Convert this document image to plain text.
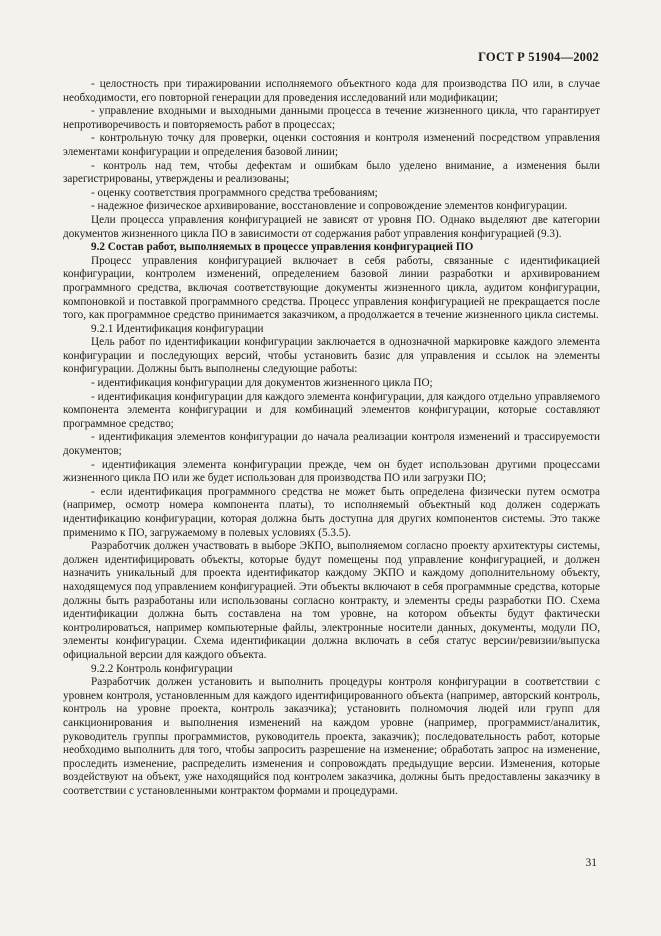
ГОСТ Р 51904—2002

- целостность при тиражировании исполняемого объектного кода для производства ПО или, в случае необходимости, его повторной генерации для проведения исследований или модификации;

- управление входными и выходными данными процесса в течение жизненного цикла, что гарантирует непротиворечивость и повторяемость работ в процессах;

- контрольную точку для проверки, оценки состояния и контроля изменений посредством управления элементами конфигурации и определения базовой линии;

- контроль над тем, чтобы дефектам и ошибкам было уделено внимание, а изменения были зарегистрированы, утверждены и реализованы;

- оценку соответствия программного средства требованиям;

- надежное физическое архивирование, восстановление и сопровождение элементов конфигурации.

Цели процесса управления конфигурацией не зависят от уровня ПО. Однако выделяют две категории документов жизненного цикла ПО в зависимости от содержания работ управления конфигурацией (9.3).

9.2 Состав работ, выполняемых в процессе управления конфигурацией ПО

Процесс управления конфигурацией включает в себя работы, связанные с идентификацией конфигурации, контролем изменений, определением базовой линии разработки и архивированием программного средства, включая соответствующие документы жизненного цикла, аудитом конфигурации, компоновкой и поставкой программного средства. Процесс управления конфигурацией не прекращается после того, как программное средство принимается заказчиком, а продолжается в течение жизненного цикла системы.

9.2.1 Идентификация конфигурации

Цель работ по идентификации конфигурации заключается в однозначной маркировке каждого элемента конфигурации и последующих версий, чтобы установить базис для управления и ссылок на элементы конфигурации. Должны быть выполнены следующие работы:

- идентификация конфигурации для документов жизненного цикла ПО;

- идентификация конфигурации для каждого элемента конфигурации, для каждого отдельно управляемого компонента элемента конфигурации и для комбинаций элементов конфигурации, которые составляют программное средство;

- идентификация элементов конфигурации до начала реализации контроля изменений и трассируемости документов;

- идентификация элемента конфигурации прежде, чем он будет использован другими процессами жизненного цикла ПО или же будет использован для производства ПО или загрузки ПО;

- если идентификация программного средства не может быть определена физически путем осмотра (например, осмотр номера компонента платы), то исполняемый объектный код должен содержать идентификацию конфигурации, которая должна быть доступна для других компонентов системы. Это также применимо к ПО, загружаемому в полевых условиях (5.3.5).

Разработчик должен участвовать в выборе ЭКПО, выполняемом согласно проекту архитектуры системы, должен идентифицировать объекты, которые будут помещены под управление конфигурацией, и должен назначить уникальный для проекта идентификатор каждому ЭКПО и каждому дополнительному объекту, находящемуся под управлением конфигурацией. Эти объекты включают в себя программные средства, которые должны быть разработаны или использованы согласно контракту, и элементы среды разработки ПО. Схема идентификации должна быть составлена на том уровне, на котором объекты будут фактически контролироваться, например компьютерные файлы, электронные носители данных, документы, модули ПО, элементы конфигурации. Схема идентификации должна включать в себя статус версии/ревизии/выпуска официальной версии для каждого объекта.

9.2.2 Контроль конфигурации

Разработчик должен установить и выполнить процедуры контроля конфигурации в соответствии с уровнем контроля, установленным для каждого идентифицированного объекта (например, авторский контроль, контроль на уровне проекта, контроль заказчика); установить полномочия людей или групп для санкционирования и выполнения изменений на каждом уровне (например, программист/аналитик, руководитель группы программистов, руководитель проекта, заказчик); последовательность работ, которые необходимо выполнить для того, чтобы запросить разрешение на изменение; обработать запрос на изменение, проследить изменение, распределить изменения и сопровождать предыдущие версии. Изменения, которые воздействуют на объект, уже находящийся под контролем заказчика, должны быть предоставлены заказчику в соответствии с установленными контрактом формами и процедурами.

31
